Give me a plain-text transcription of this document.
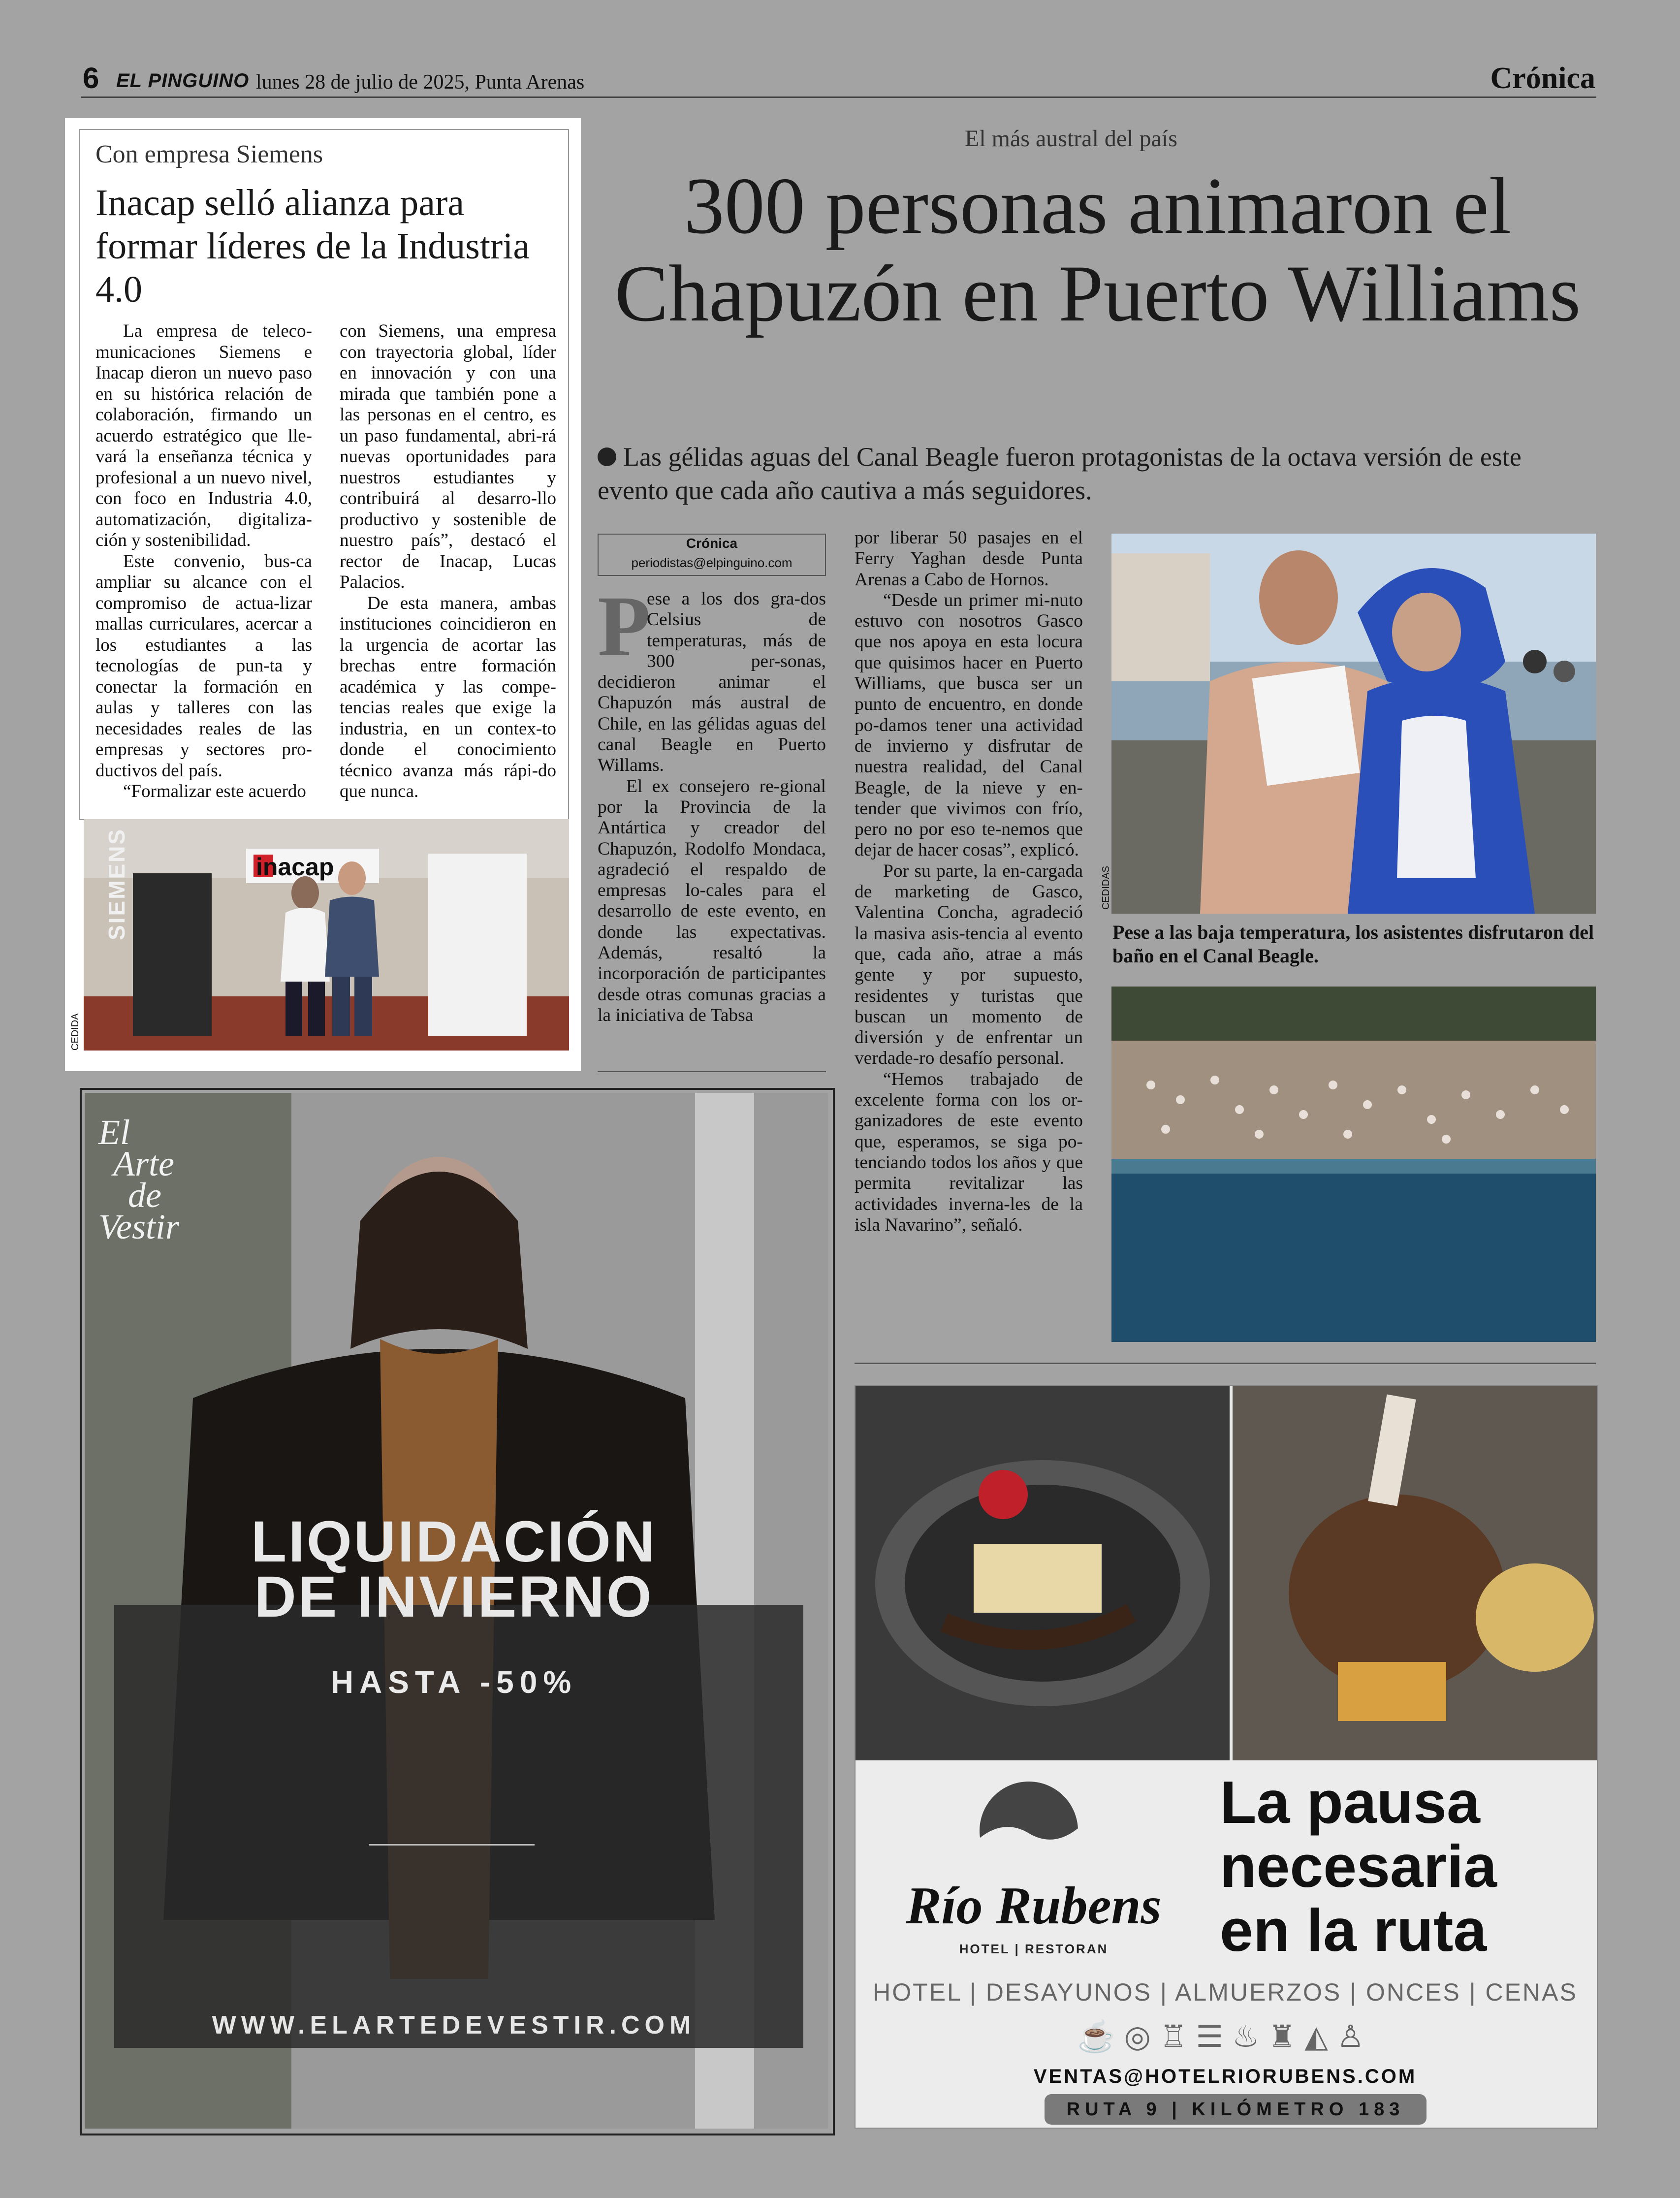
6 EL PINGUINO lunes 28 de julio de 2025, Punta Arenas	Crónica
Con empresa Siemens
Inacap selló alianza para formar líderes de la Industria 4.0

La empresa de teleco-municaciones Siemens e Inacap dieron un nuevo paso en su histórica relación de colaboración, firmando un acuerdo estratégico que lle-vará la enseñanza técnica y profesional a un nuevo nivel, con foco en Industria 4.0, automatización, digitaliza-ción y sostenibilidad.

Este convenio, bus-ca ampliar su alcance con el compromiso de actua-lizar mallas curriculares, acercar a los estudiantes a las tecnologías de pun-ta y conectar la formación en aulas y talleres con las necesidades reales de las empresas y sectores pro-ductivos del país.

“Formalizar este acuerdo

con Siemens, una empresa con trayectoria global, líder en innovación y con una mirada que también pone a las personas en el centro, es un paso fundamental, abri-rá nuevas oportunidades para nuestros estudiantes y contribuirá al desarro-llo productivo y sostenible de nuestro país”, destacó el rector de Inacap, Lucas Palacios.

De esta manera, ambas instituciones coincidieron en la urgencia de acortar las brechas entre formación académica y las compe-tencias reales que exige la industria, en un contex-to donde el conocimiento técnico avanza más rápi-do que nunca.

SIEMENS	inacap
CEDIDA
El más austral del país
300 personas animaron el Chapuzón en Puerto Williams
Las gélidas aguas del Canal Beagle fueron protagonistas de la octava versión de este evento que cada año cautiva a más seguidores.
Crónica
periodistas@elpinguino.com
P

ese a los dos gra-dos Celsius de temperaturas, más de 300 per-sonas, decidieron animar el Chapuzón más austral de Chile, en las gélidas aguas del canal Beagle en Puerto Willams.

El ex consejero re-gional por la Provincia de la Antártica y creador del Chapuzón, Rodolfo Mondaca, agradeció el respaldo de empresas lo-cales para el desarrollo de este evento, en donde las expectativas. Además, resaltó la incorporación de participantes desde otras comunas gracias a la iniciativa de Tabsa

por liberar 50 pasajes en el Ferry Yaghan desde Punta Arenas a Cabo de Hornos.

“Desde un primer mi-nuto estuvo con nosotros Gasco que nos apoya en esta locura que quisimos hacer en Puerto Williams, que busca ser un punto de encuentro, en donde po-damos tener una actividad de invierno y disfrutar de nuestra realidad, del Canal Beagle, de la nieve y en-tender que vivimos con frío, pero no por eso te-nemos que dejar de hacer cosas”, explicó.

Por su parte, la en-cargada de marketing de Gasco, Valentina Concha, agradeció la masiva asis-tencia al evento que, cada año, atrae a más gente y por supuesto, residentes y turistas que buscan un momento de diversión y de enfrentar un verdade-ro desafío personal.

“Hemos trabajado de excelente forma con los or-ganizadores de este evento que, esperamos, se siga po-tenciando todos los años y que permita revitalizar las actividades inverna-les de la isla Navarino”, señaló.

CEDIDAS
Pese a las baja temperatura, los asistentes disfrutaron del baño en el Canal Beagle.
El
Arte
de
Vestir
LIQUIDACIÓN
DE INVIERNO
HASTA -50%
WWW.ELARTEDEVESTIR.COM
Río Rubens
HOTEL | RESTORAN
La pausa
necesaria
en la ruta
HOTEL | DESAYUNOS | ALMUERZOS | ONCES | CENAS
☕◎♖☰♨♜◭♙
VENTAS@HOTELRIORUBENS.COM
RUTA 9 | KILÓMETRO 183
